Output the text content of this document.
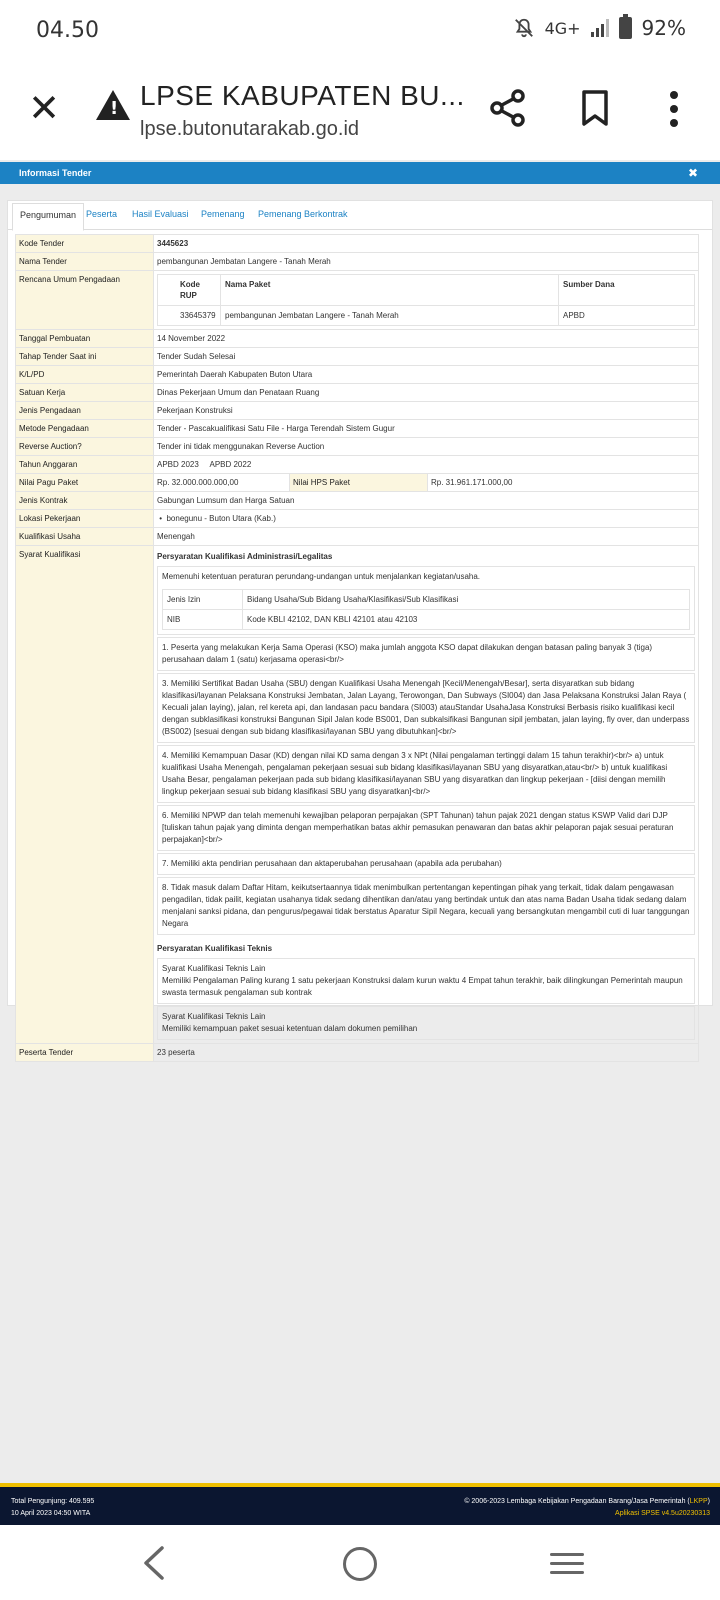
04.50	4G+	92%
✕
!	LPSE KABUPATEN BU...
lpse.butonutarakab.go.id
Informasi Tender	✖
Pengumuman	Peserta Hasil Evaluasi Pemenang Pemenang Berkontrak
Kode Tender	3445623
Nama Tender	pembangunan Jembatan Langere - Tanah Merah
Rencana Umum Pengadaan	
Kode RUP	Nama Paket	Sumber Dana
33645379	pembangunan Jembatan Langere - Tanah Merah	APBD

Tanggal Pembuatan	14 November 2022
Tahap Tender Saat ini	Tender Sudah Selesai
K/L/PD	Pemerintah Daerah Kabupaten Buton Utara
Satuan Kerja	Dinas Pekerjaan Umum dan Penataan Ruang
Jenis Pengadaan	Pekerjaan Konstruksi
Metode Pengadaan	Tender - Pascakualifikasi Satu File - Harga Terendah Sistem Gugur
Reverse Auction?	Tender ini tidak menggunakan Reverse Auction
Tahun Anggaran	APBD 2023     APBD 2022
Nilai Pagu Paket	Rp. 32.000.000.000,00	Nilai HPS Paket	Rp. 31.961.171.000,00
Jenis Kontrak	Gabungan Lumsum dan Harga Satuan
Lokasi Pekerjaan	•  bonegunu - Buton Utara (Kab.)
Kualifikasi Usaha	Menengah
Syarat Kualifikasi	Persyaratan Kualifikasi Administrasi/Legalitas
Memenuhi ketentuan peraturan perundang-undangan untuk menjalankan kegiatan/usaha.
Jenis Izin	Bidang Usaha/Sub Bidang Usaha/Klasifikasi/Sub Klasifikasi
NIB	Kode KBLI 42102, DAN KBLI 42101 atau 42103
1. Peserta yang melakukan Kerja Sama Operasi (KSO) maka jumlah anggota KSO dapat dilakukan dengan batasan paling banyak 3 (tiga) perusahaan dalam 1 (satu) kerjasama operasi<br/>
3. Memiliki Sertifikat Badan Usaha (SBU) dengan Kualifikasi Usaha Menengah [Kecil/Menengah/Besar], serta disyaratkan sub bidang klasifikasi/layanan Pelaksana Konstruksi Jembatan, Jalan Layang, Terowongan, Dan Subways (SI004) dan Jasa Pelaksana Konstruksi Jalan Raya ( Kecuali jalan laying), jalan, rel kereta api, dan landasan pacu bandara (SI003) atauStandar UsahaJasa Konstruksi Berbasis risiko kualifikasi kecil dengan subklasifikasi konstruksi Bangunan Sipil Jalan kode BS001, Dan subkalsifikasi Bangunan sipil jembatan, jalan laying, fly over, dan underpass (BS002) [sesuai dengan sub bidang klasifikasi/layanan SBU yang dibutuhkan]<br/>
4. Memiliki Kemampuan Dasar (KD) dengan nilai KD sama dengan 3 x NPt (Nilai pengalaman tertinggi dalam 15 tahun terakhir)<br/> a) untuk kualifikasi Usaha Menengah, pengalaman pekerjaan sesuai sub bidang klasifikasi/layanan SBU yang disyaratkan,atau<br/> b) untuk kualifikasi Usaha Besar, pengalaman pekerjaan pada sub bidang klasifikasi/layanan SBU yang disyaratkan dan lingkup pekerjaan - [diisi dengan memilih lingkup pekerjaan sesuai sub bidang klasifikasi SBU yang disyaratkan]<br/>
6. Memiliki NPWP dan telah memenuhi kewajiban pelaporan perpajakan (SPT Tahunan) tahun pajak 2021 dengan status KSWP Valid dari DJP [tuliskan tahun pajak yang diminta dengan memperhatikan batas akhir pemasukan penawaran dan batas akhir pelaporan pajak sesuai peraturan perpajakan]<br/>
7. Memiliki akta pendirian perusahaan dan aktaperubahan perusahaan (apabila ada perubahan)
8. Tidak masuk dalam Daftar Hitam, keikutsertaannya tidak menimbulkan pertentangan kepentingan pihak yang terkait, tidak dalam pengawasan pengadilan, tidak pailit, kegiatan usahanya tidak sedang dihentikan dan/atau yang bertindak untuk dan atas nama Badan Usaha tidak sedang dalam menjalani sanksi pidana, dan pengurus/pegawai tidak berstatus Aparatur Sipil Negara, kecuali yang bersangkutan mengambil cuti di luar tanggungan Negara
Persyaratan Kualifikasi Teknis
Syarat Kualifikasi Teknis Lain
Memiliki Pengalaman Paling kurang 1 satu pekerjaan Konstruksi dalam kurun waktu 4 Empat tahun terakhir, baik dilingkungan Pemerintah maupun swasta termasuk pengalaman sub kontrak
Syarat Kualifikasi Teknis Lain
Memiliki kemampuan paket sesuai ketentuan dalam dokumen pemilihan

Peserta Tender	23 peserta
Total Pengunjung: 409.595
10 April 2023 04:50 WITA
© 2006-2023 Lembaga Kebijakan Pengadaan Barang/Jasa Pemerintah (LKPP)
Aplikasi SPSE v4.5u20230313
